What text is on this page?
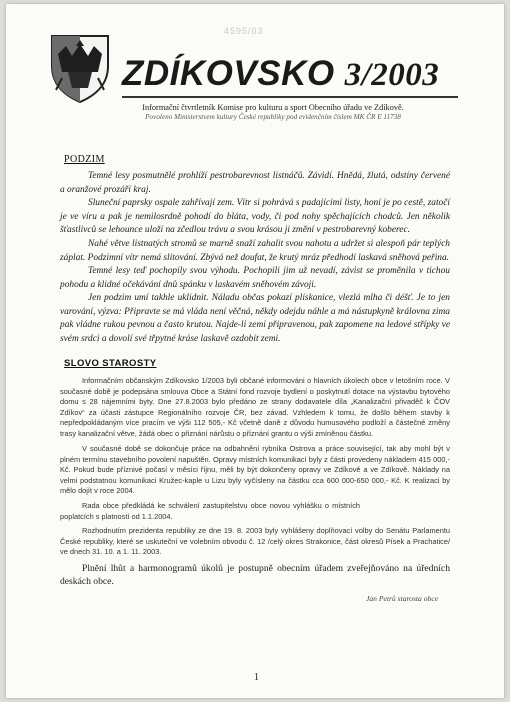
4595/03
ZDÍKOVSKO 3/2003
Informační čtvrtletník Komise pro kulturu a sport Obecního úřadu ve Zdíkově.
Povoleno Ministerstvem kultury České republiky pod evidenčním číslem MK ČR E 11738
PODZIM

Temné lesy posmutnělé prohlíží pestrobarevnost listnáčů. Závidí. Hnědá, žlutá, odstíny červené a oranžové prozáří kraj.

Sluneční paprsky ospale zahřívají zem. Vítr si pohrává s padajícími listy, honí je po cestě, zatočí je ve víru a pak je nemilosrdně pohodí do bláta, vody, či pod nohy spěchajících chodců. Jen několik šťastlivců se lehounce uloží na zčedlou trávu a svou krásou ji změní v pestrobarevný koberec.

Nahé větve listnatých stromů se marně snaží zahalit svou nahotu a udržet si alespoň pár teplých záplat. Podzimní vítr nemá slitování. Zbývá než doufat, že krutý mráz předhodí laskavá sněhová peřina.

Temné lesy teď pochopily svou výhodu. Pochopili jim už nevadí, závist se proměnila v tichou pohodu a klidné očekávání dnů spánku v laskavém sněhovém závoji.

Jen podzim umí takhle uklidnit. Náladu občas pokazí plískanice, vlezlá mlha či déšť. Je to jen varování, výzva: Připravte se má vláda není věčná, někdy odejdu náhle a má nástupkyně královna zima pak vládne rukou pevnou a často krutou. Najde-li zemi připravenou, pak zapomene na ledové střípky ve svém srdci a dovolí své třpytné kráse laskavě ozdobit zemi.

SLOVO STAROSTY

Informačním občanským Zdíkovsko 1/2003 byli občané informováni o hlavních úkolech obce v letošním roce. V současné době je podepsána smlouva Obce a Státní fond rozvoje bydlení o poskytnutí dotace na výstavbu bytového domu s 28 nájemními byty. Dne 27.8.2003 bylo předáno ze strany dodavatele díla „Kanalizační přivaděč k ČOV Zdíkov“ za účasti zástupce Regionálního rozvoje ČR, bez závad. Vzhledem k tomu, že došlo během stavby k nepředpokládaným více pracím ve výši 112 505,- Kč včetně daně z důvodu humusového podloží a částečné změny trasy kanalizační větve, žádá obec o přiznání nárůstu o příznání grantu o výši zmíněnou částku.

V současné době se dokončuje práce na odbahnění rybníka Ostrova a práce související, tak aby mohl být v plném termínu stavebního povolení napuštěn. Opravy místních komunikací byly z části provedeny nákladem 415 000,- Kč. Pokud bude příznivé počasí v měsíci říjnu, měli by být dokončeny opravy ve Zdíkově a ve Zdíkově. Náklady na velmi podstatnou komunikaci Kružec-kaple u Lizu byly vyčísleny na částku cca 600 000-650 000,- Kč. K realizaci by mělo dojít v roce 2004.

Rada obce předkládá ke schválení zastupitelstvu obce novou vyhlášku o místních poplatcích s platností od 1.1.2004.

Rozhodnutím prezidenta republiky ze dne 19. 8. 2003 byly vyhlášeny doplňovací volby do Senátu Parlamentu České republiky, které se uskuteční ve volebním obvodu č. 12 /celý okres Strakonice, část okresů Písek a Prachatice/ ve dnech 31. 10. a 1. 11. 2003.

Plnění lhůt a harmonogramů úkolů je postupně obecním úřadem zveřejňováno na úředních deskách obce.

Jan Petrů starosta obce
1
